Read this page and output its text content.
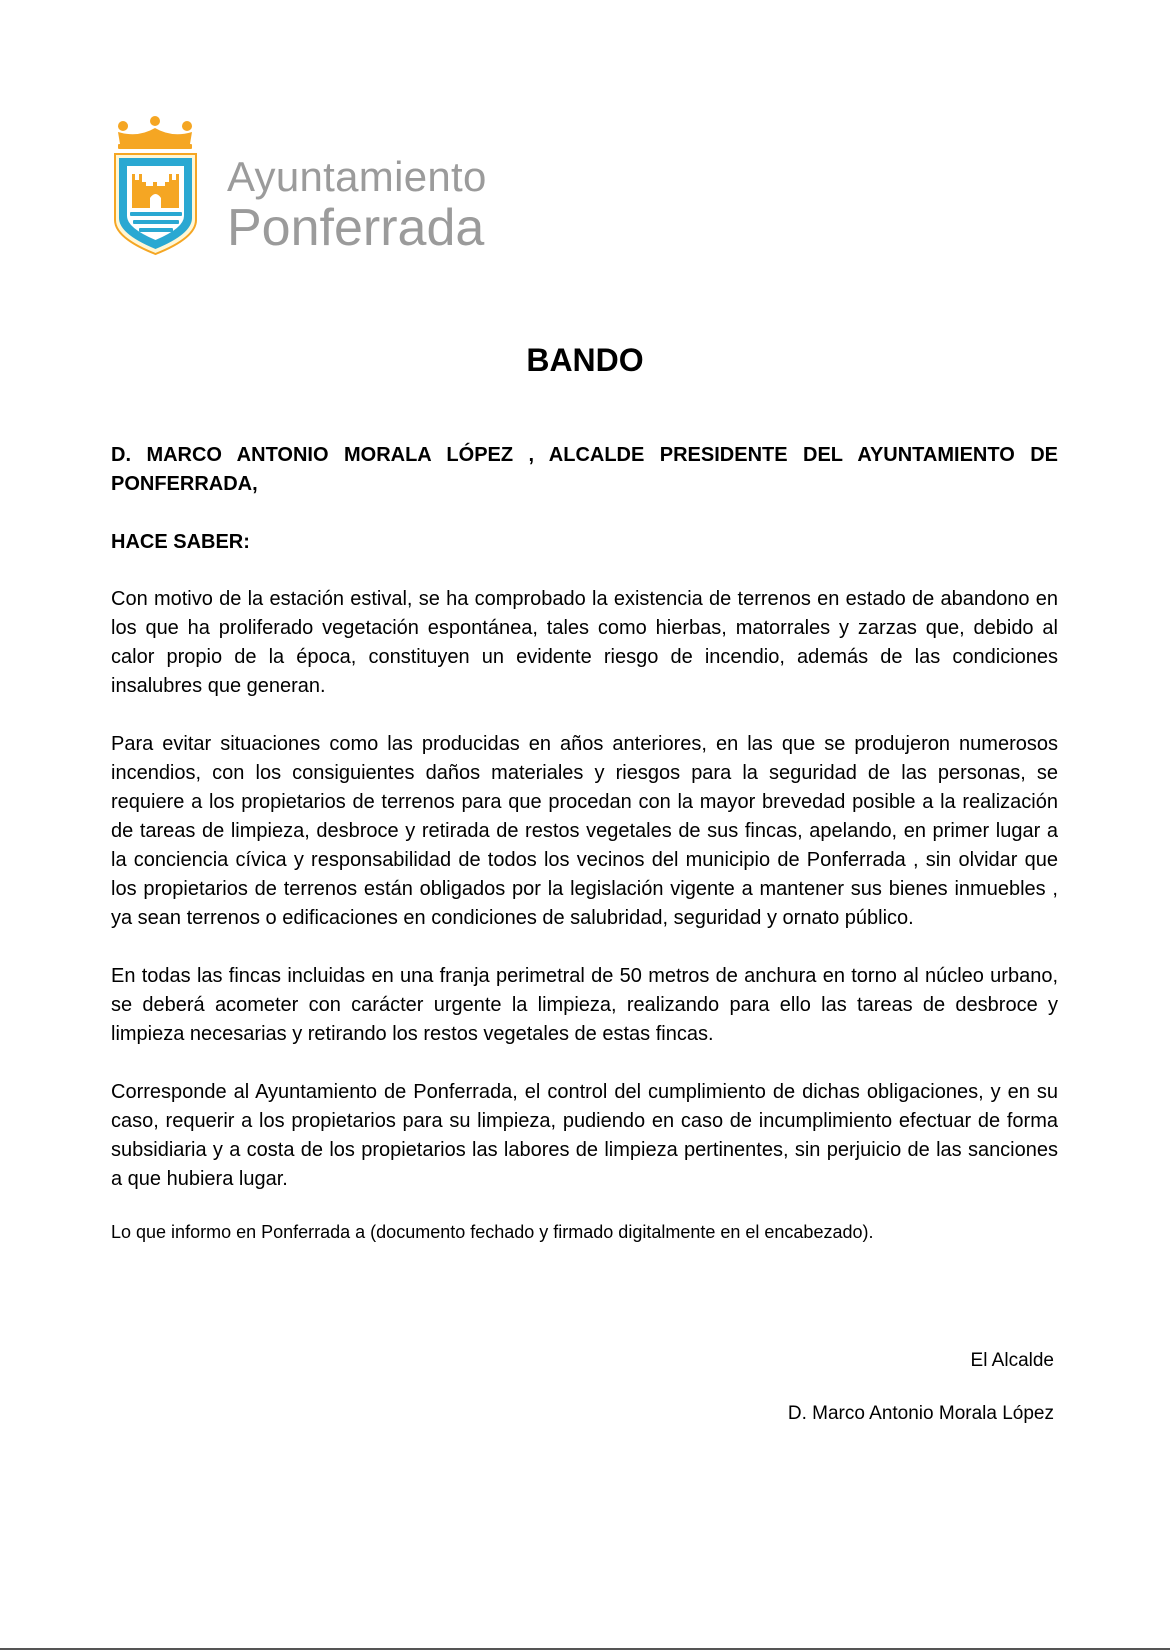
Ayuntamiento
Ponferrada
BANDO

D. MARCO ANTONIO MORALA LÓPEZ , ALCALDE PRESIDENTE DEL AYUNTAMIENTO DE PONFERRADA,

HACE SABER:

Con motivo de la estación estival, se ha comprobado la existencia de terrenos en estado de abandono en los que ha proliferado vegetación espontánea, tales como hierbas, matorrales y zarzas que, debido al calor propio de la época, constituyen un evidente riesgo de incendio, además de las condiciones insalubres que generan.

Para evitar situaciones como las producidas en años anteriores, en las que se produjeron numerosos incendios, con los consiguientes daños materiales y riesgos para la seguridad de las personas, se requiere a los propietarios de terrenos para que procedan con la mayor brevedad posible a la realización de tareas de limpieza, desbroce y retirada de restos vegetales de sus fincas, apelando, en primer lugar a la conciencia cívica y responsabilidad de todos los vecinos del municipio de Ponferrada , sin olvidar que los propietarios de terrenos están obligados por la legislación vigente a mantener sus bienes inmuebles , ya sean terrenos o edificaciones en condiciones de salubridad, seguridad y ornato público.

En todas las fincas incluidas en una franja perimetral de 50 metros de anchura en torno al núcleo urbano, se deberá acometer con carácter urgente la limpieza, realizando para ello las tareas de desbroce y limpieza necesarias y retirando los restos vegetales de estas fincas.

Corresponde al Ayuntamiento de Ponferrada, el control del cumplimiento de dichas obligaciones, y en su caso, requerir a los propietarios para su limpieza, pudiendo en caso de incumplimiento efectuar de forma subsidiaria y a costa de los propietarios las labores de limpieza pertinentes, sin perjuicio de las sanciones a que hubiera lugar.

Lo que informo en Ponferrada a (documento fechado y firmado digitalmente en el encabezado).

El Alcalde

D. Marco Antonio Morala López
